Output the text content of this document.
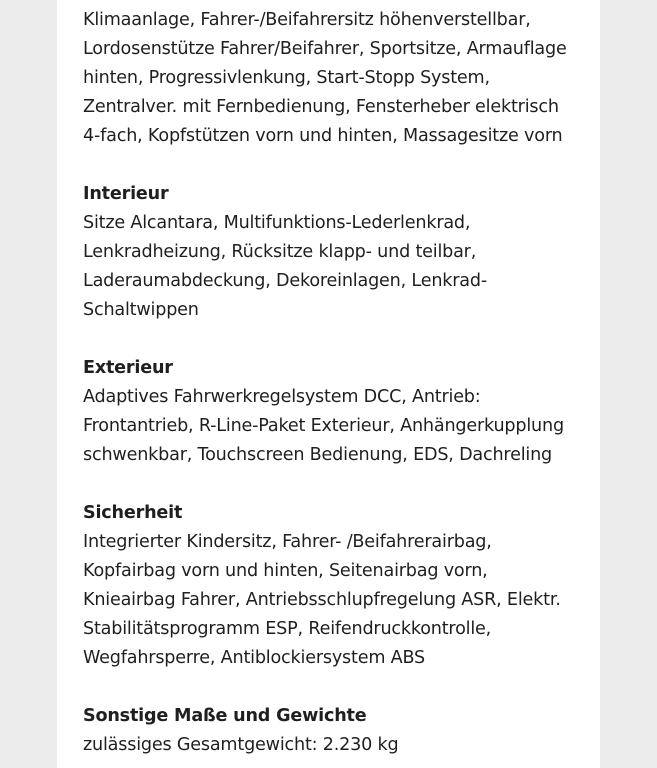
Klimaanlage, Fahrer-/Beifahrersitz höhenverstellbar,
Lordosenstütze Fahrer/Beifahrer, Sportsitze, Armauflage
hinten, Progressivlenkung, Start-Stopp System,
Zentralver. mit Fernbedienung, Fensterheber elektrisch
4-fach, Kopfstützen vorn und hinten, Massagesitze vorn
Interieur
Sitze Alcantara, Multifunktions-Lederlenkrad,
Lenkradheizung, Rücksitze klapp- und teilbar,
Laderaumabdeckung, Dekoreinlagen, Lenkrad-
Schaltwippen
Exterieur
Adaptives Fahrwerkregelsystem DCC, Antrieb:
Frontantrieb, R-Line-Paket Exterieur, Anhängerkupplung
schwenkbar, Touchscreen Bedienung, EDS, Dachreling
Sicherheit
Integrierter Kindersitz, Fahrer- /Beifahrerairbag,
Kopfairbag vorn und hinten, Seitenairbag vorn,
Knieairbag Fahrer, Antriebsschlupfregelung ASR, Elektr.
Stabilitätsprogramm ESP, Reifendruckkontrolle,
Wegfahrsperre, Antiblockiersystem ABS
Sonstige Maße und Gewichte
zulässiges Gesamtgewicht: 2.230 kg
